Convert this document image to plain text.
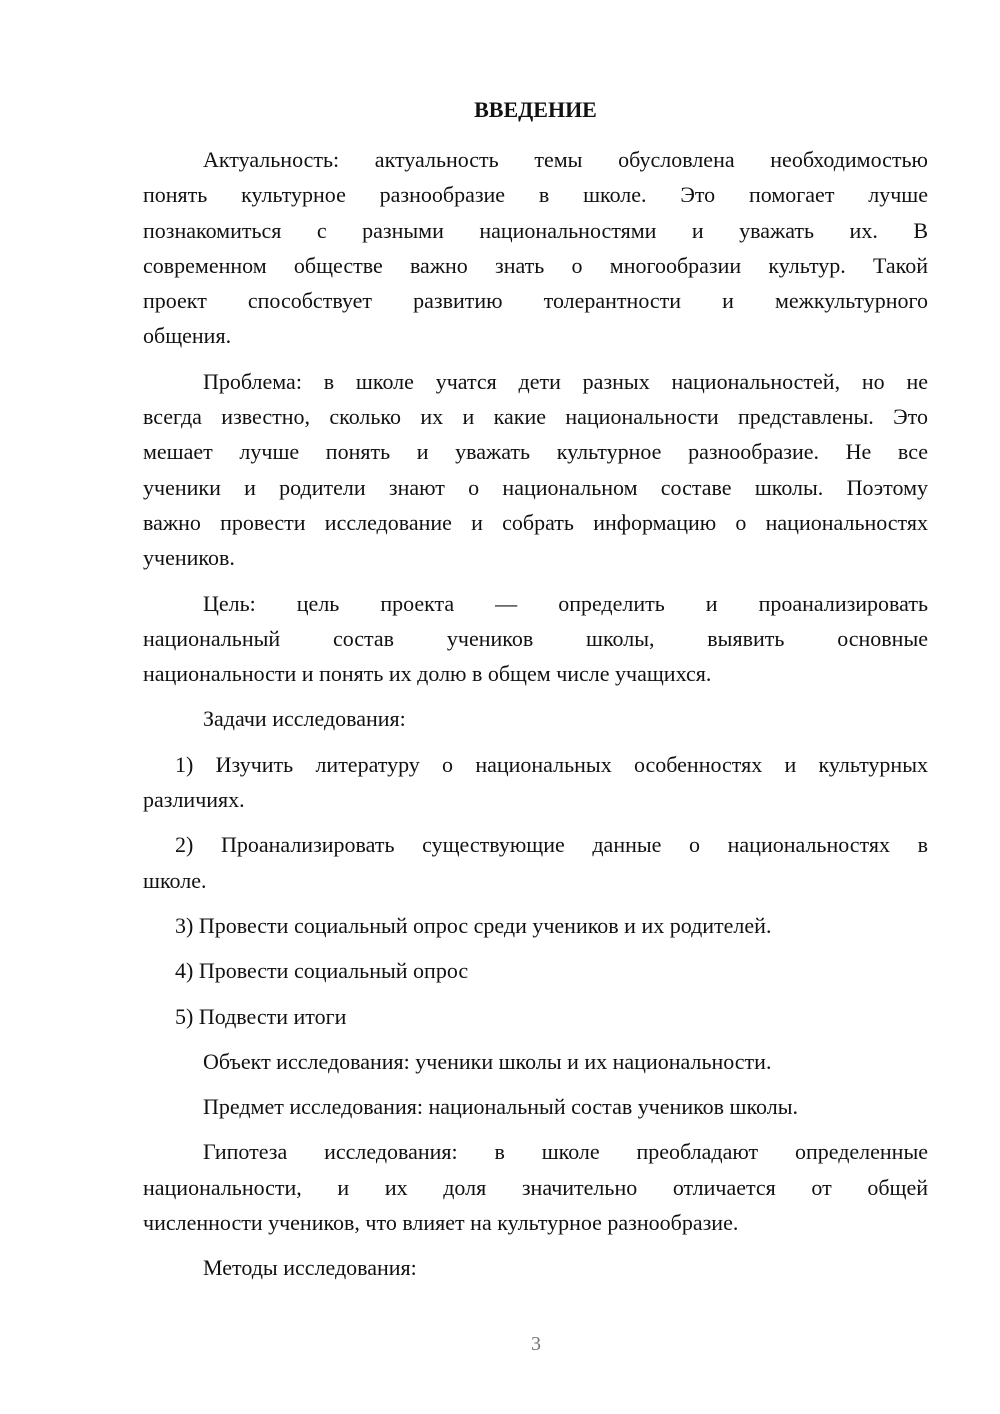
ВВЕДЕНИЕ
Актуальность: актуальность темы обусловлена необходимостью
понять культурное разнообразие в школе. Это помогает лучше
познакомиться с разными национальностями и уважать их. В
современном обществе важно знать о многообразии культур. Такой
проект способствует развитию толерантности и межкультурного
общения.
Проблема: в школе учатся дети разных национальностей, но не
всегда известно, сколько их и какие национальности представлены. Это
мешает лучше понять и уважать культурное разнообразие. Не все
ученики и родители знают о национальном составе школы. Поэтому
важно провести исследование и собрать информацию о национальностях
учеников.
Цель: цель проекта — определить и проанализировать
национальный состав учеников школы, выявить основные
национальности и понять их долю в общем числе учащихся.
Задачи исследования:
1) Изучить литературу о национальных особенностях и культурных
различиях.
2) Проанализировать существующие данные о национальностях в
школе.
3) Провести социальный опрос среди учеников и их родителей.
4) Провести социальный опрос
5) Подвести итоги
Объект исследования: ученики школы и их национальности.
Предмет исследования: национальный состав учеников школы.
Гипотеза исследования: в школе преобладают определенные
национальности, и их доля значительно отличается от общей
численности учеников, что влияет на культурное разнообразие.
Методы исследования:
3
